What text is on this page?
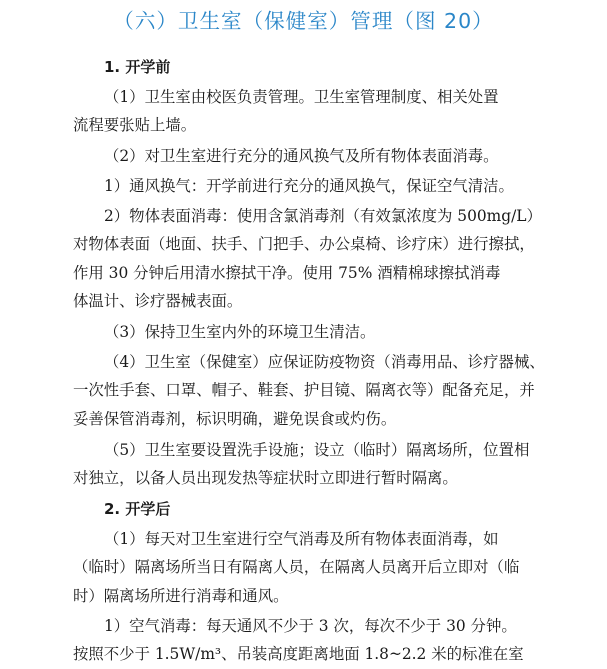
（六）卫生室（保健室）管理（图 20）
1. 开学前
（1）卫生室由校医负责管理。卫生室管理制度、相关处置
流程要张贴上墙。
（2）对卫生室进行充分的通风换气及所有物体表面消毒。
1）通风换气：开学前进行充分的通风换气，保证空气清洁。
2）物体表面消毒：使用含氯消毒剂（有效氯浓度为 500mg/L）
对物体表面（地面、扶手、门把手、办公桌椅、诊疗床）进行擦拭，
作用 30 分钟后用清水擦拭干净。使用 75% 酒精棉球擦拭消毒
体温计、诊疗器械表面。
（3）保持卫生室内外的环境卫生清洁。
（4）卫生室（保健室）应保证防疫物资（消毒用品、诊疗器械、
一次性手套、口罩、帽子、鞋套、护目镜、隔离衣等）配备充足，并
妥善保管消毒剂，标识明确，避免误食或灼伤。
（5）卫生室要设置洗手设施；设立（临时）隔离场所，位置相
对独立，以备人员出现发热等症状时立即进行暂时隔离。
2. 开学后
（1）每天对卫生室进行空气消毒及所有物体表面消毒，如
（临时）隔离场所当日有隔离人员，在隔离人员离开后立即对（临
时）隔离场所进行消毒和通风。
1）空气消毒：每天通风不少于 3 次，每次不少于 30 分钟。
按照不少于 1.5W/m³、吊装高度距离地面 1.8~2.2 米的标准在室
